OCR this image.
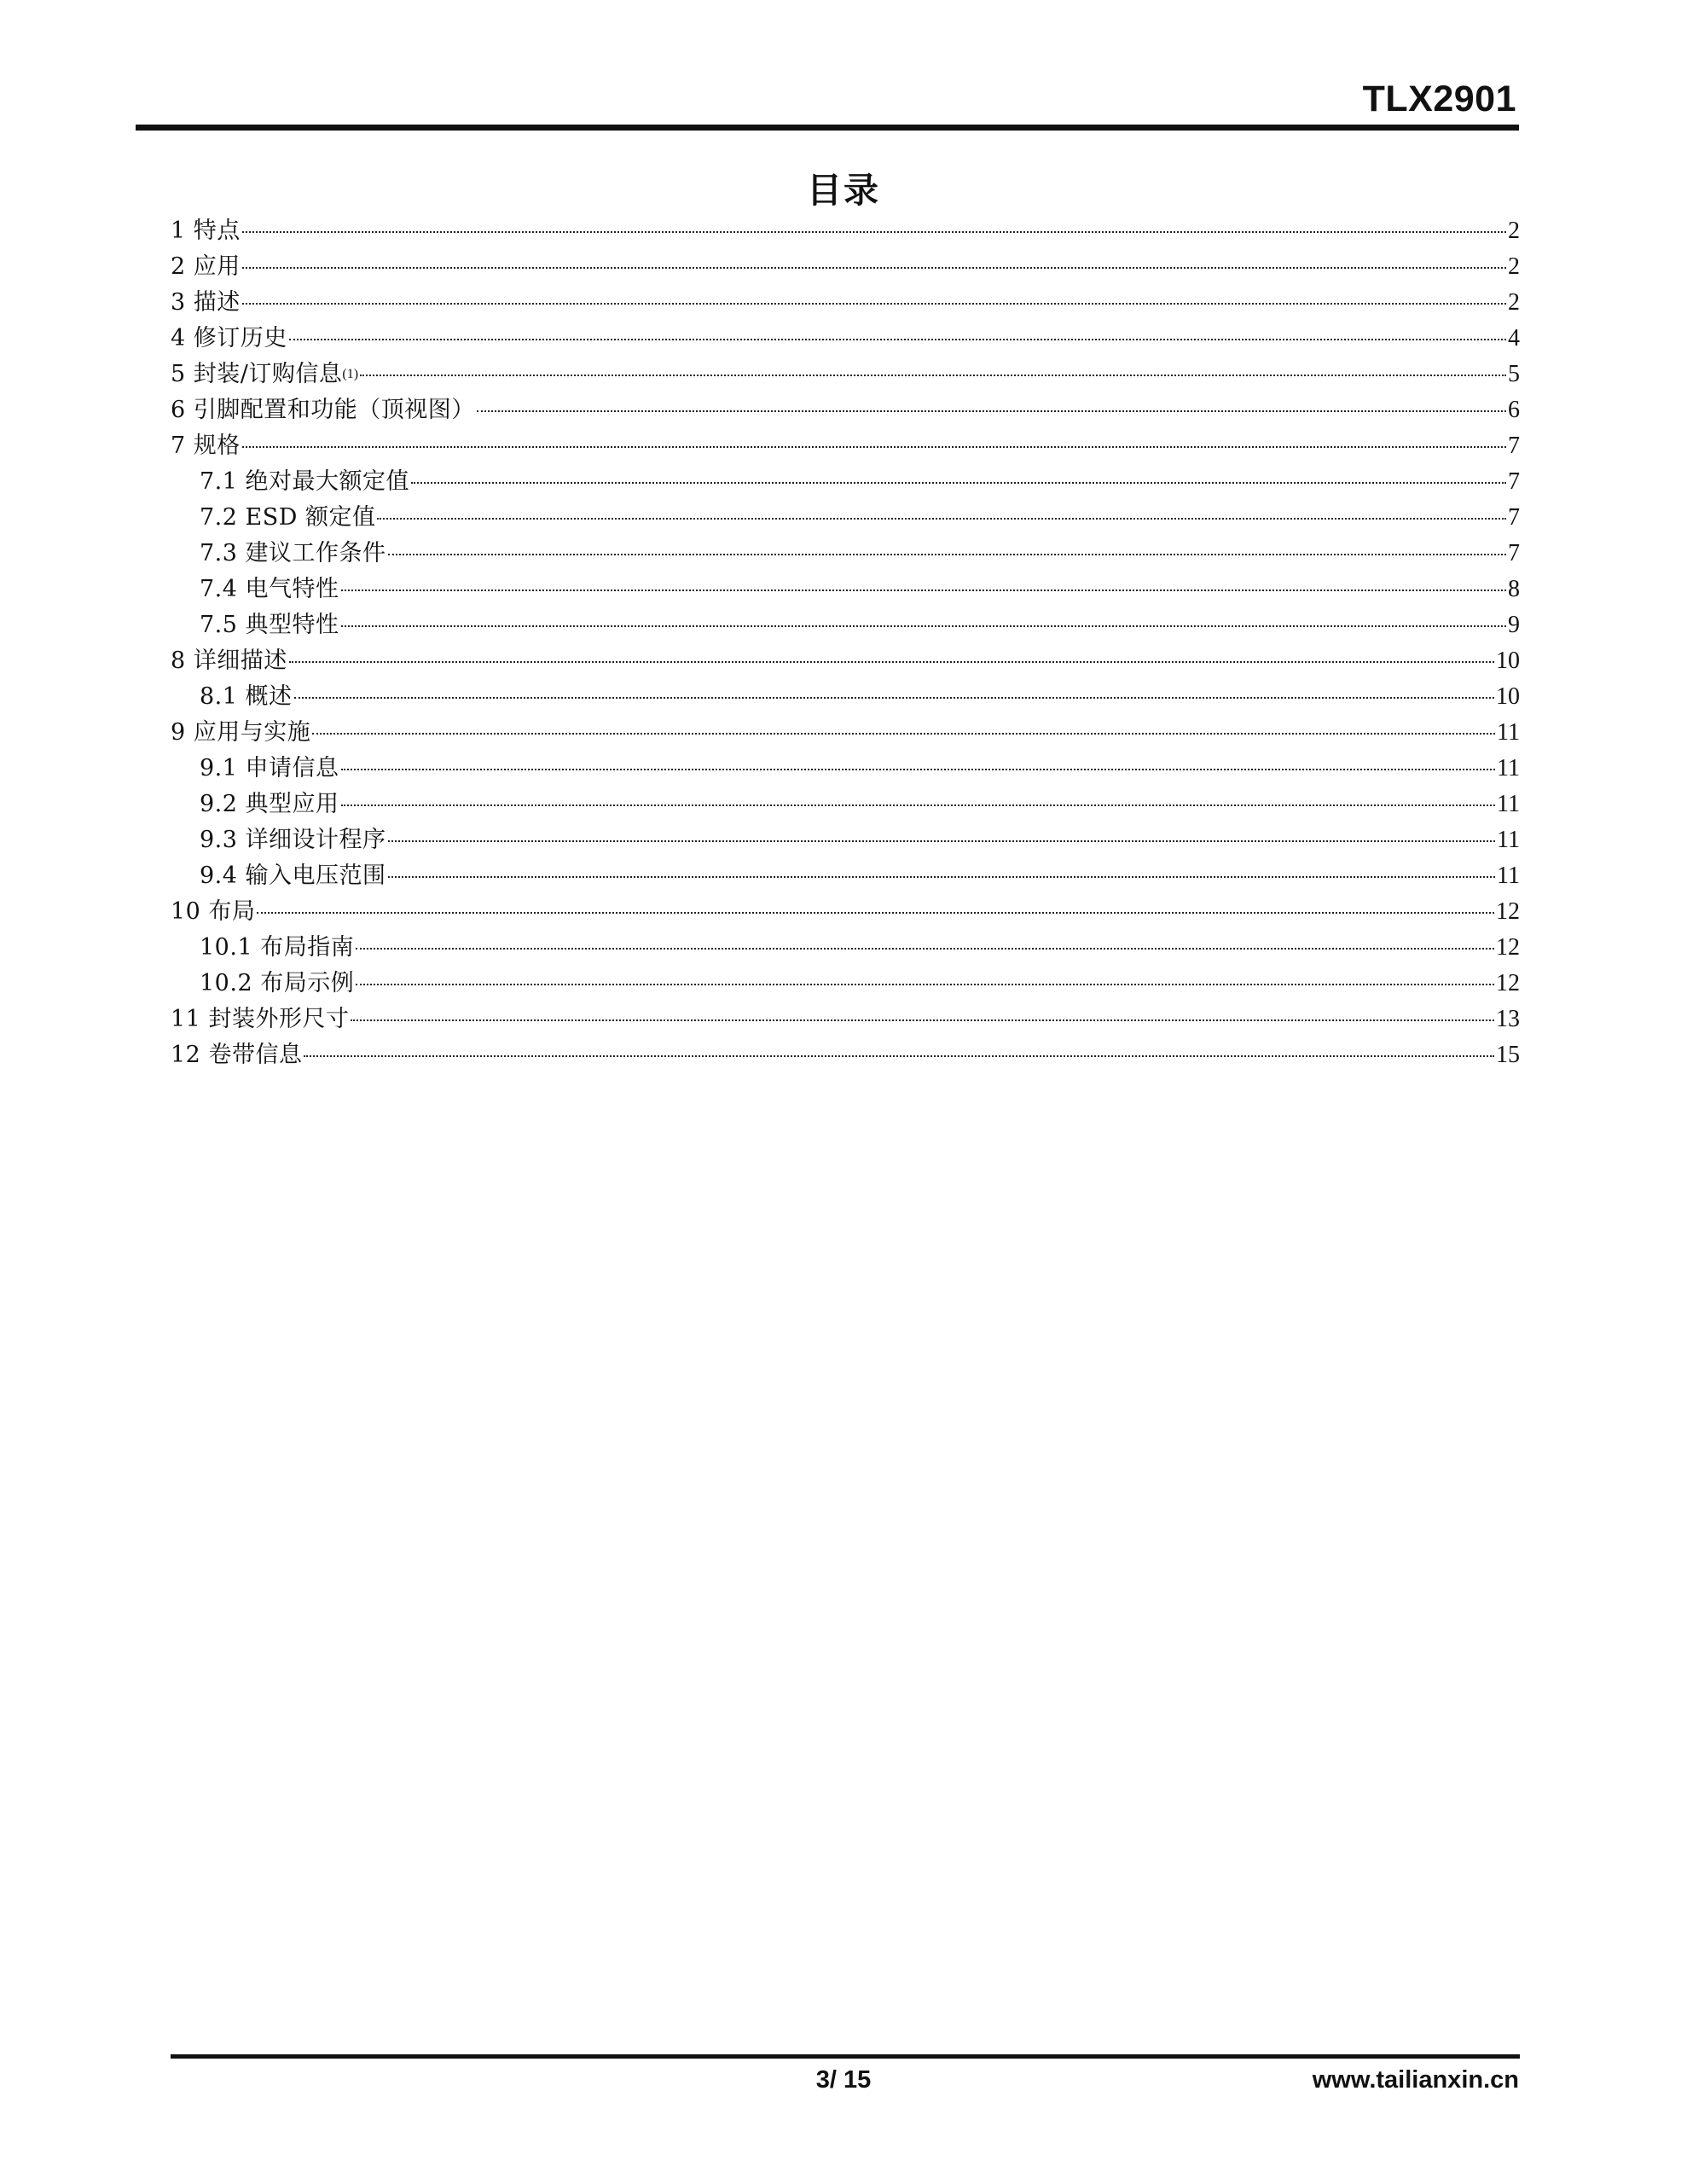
TLX2901
目录
1 特点	2
2 应用	2
3 描述	2
4 修订历史	4
5 封装/订购信息$^{(1)}$	5
6 引脚配置和功能（顶视图）	6
7 规格	7
7.1 绝对最大额定值	7
7.2 ESD 额定值	7
7.3 建议工作条件	7
7.4 电气特性	8
7.5 典型特性	9
8 详细描述	10
8.1 概述	10
9 应用与实施	11
9.1 申请信息	11
9.2 典型应用	11
9.3 详细设计程序	11
9.4 输入电压范围	11
10 布局	12
10.1 布局指南	12
10.2 布局示例	12
11 封装外形尺寸	13
12 卷带信息	15
3/ 15	www.tailianxin.cn
